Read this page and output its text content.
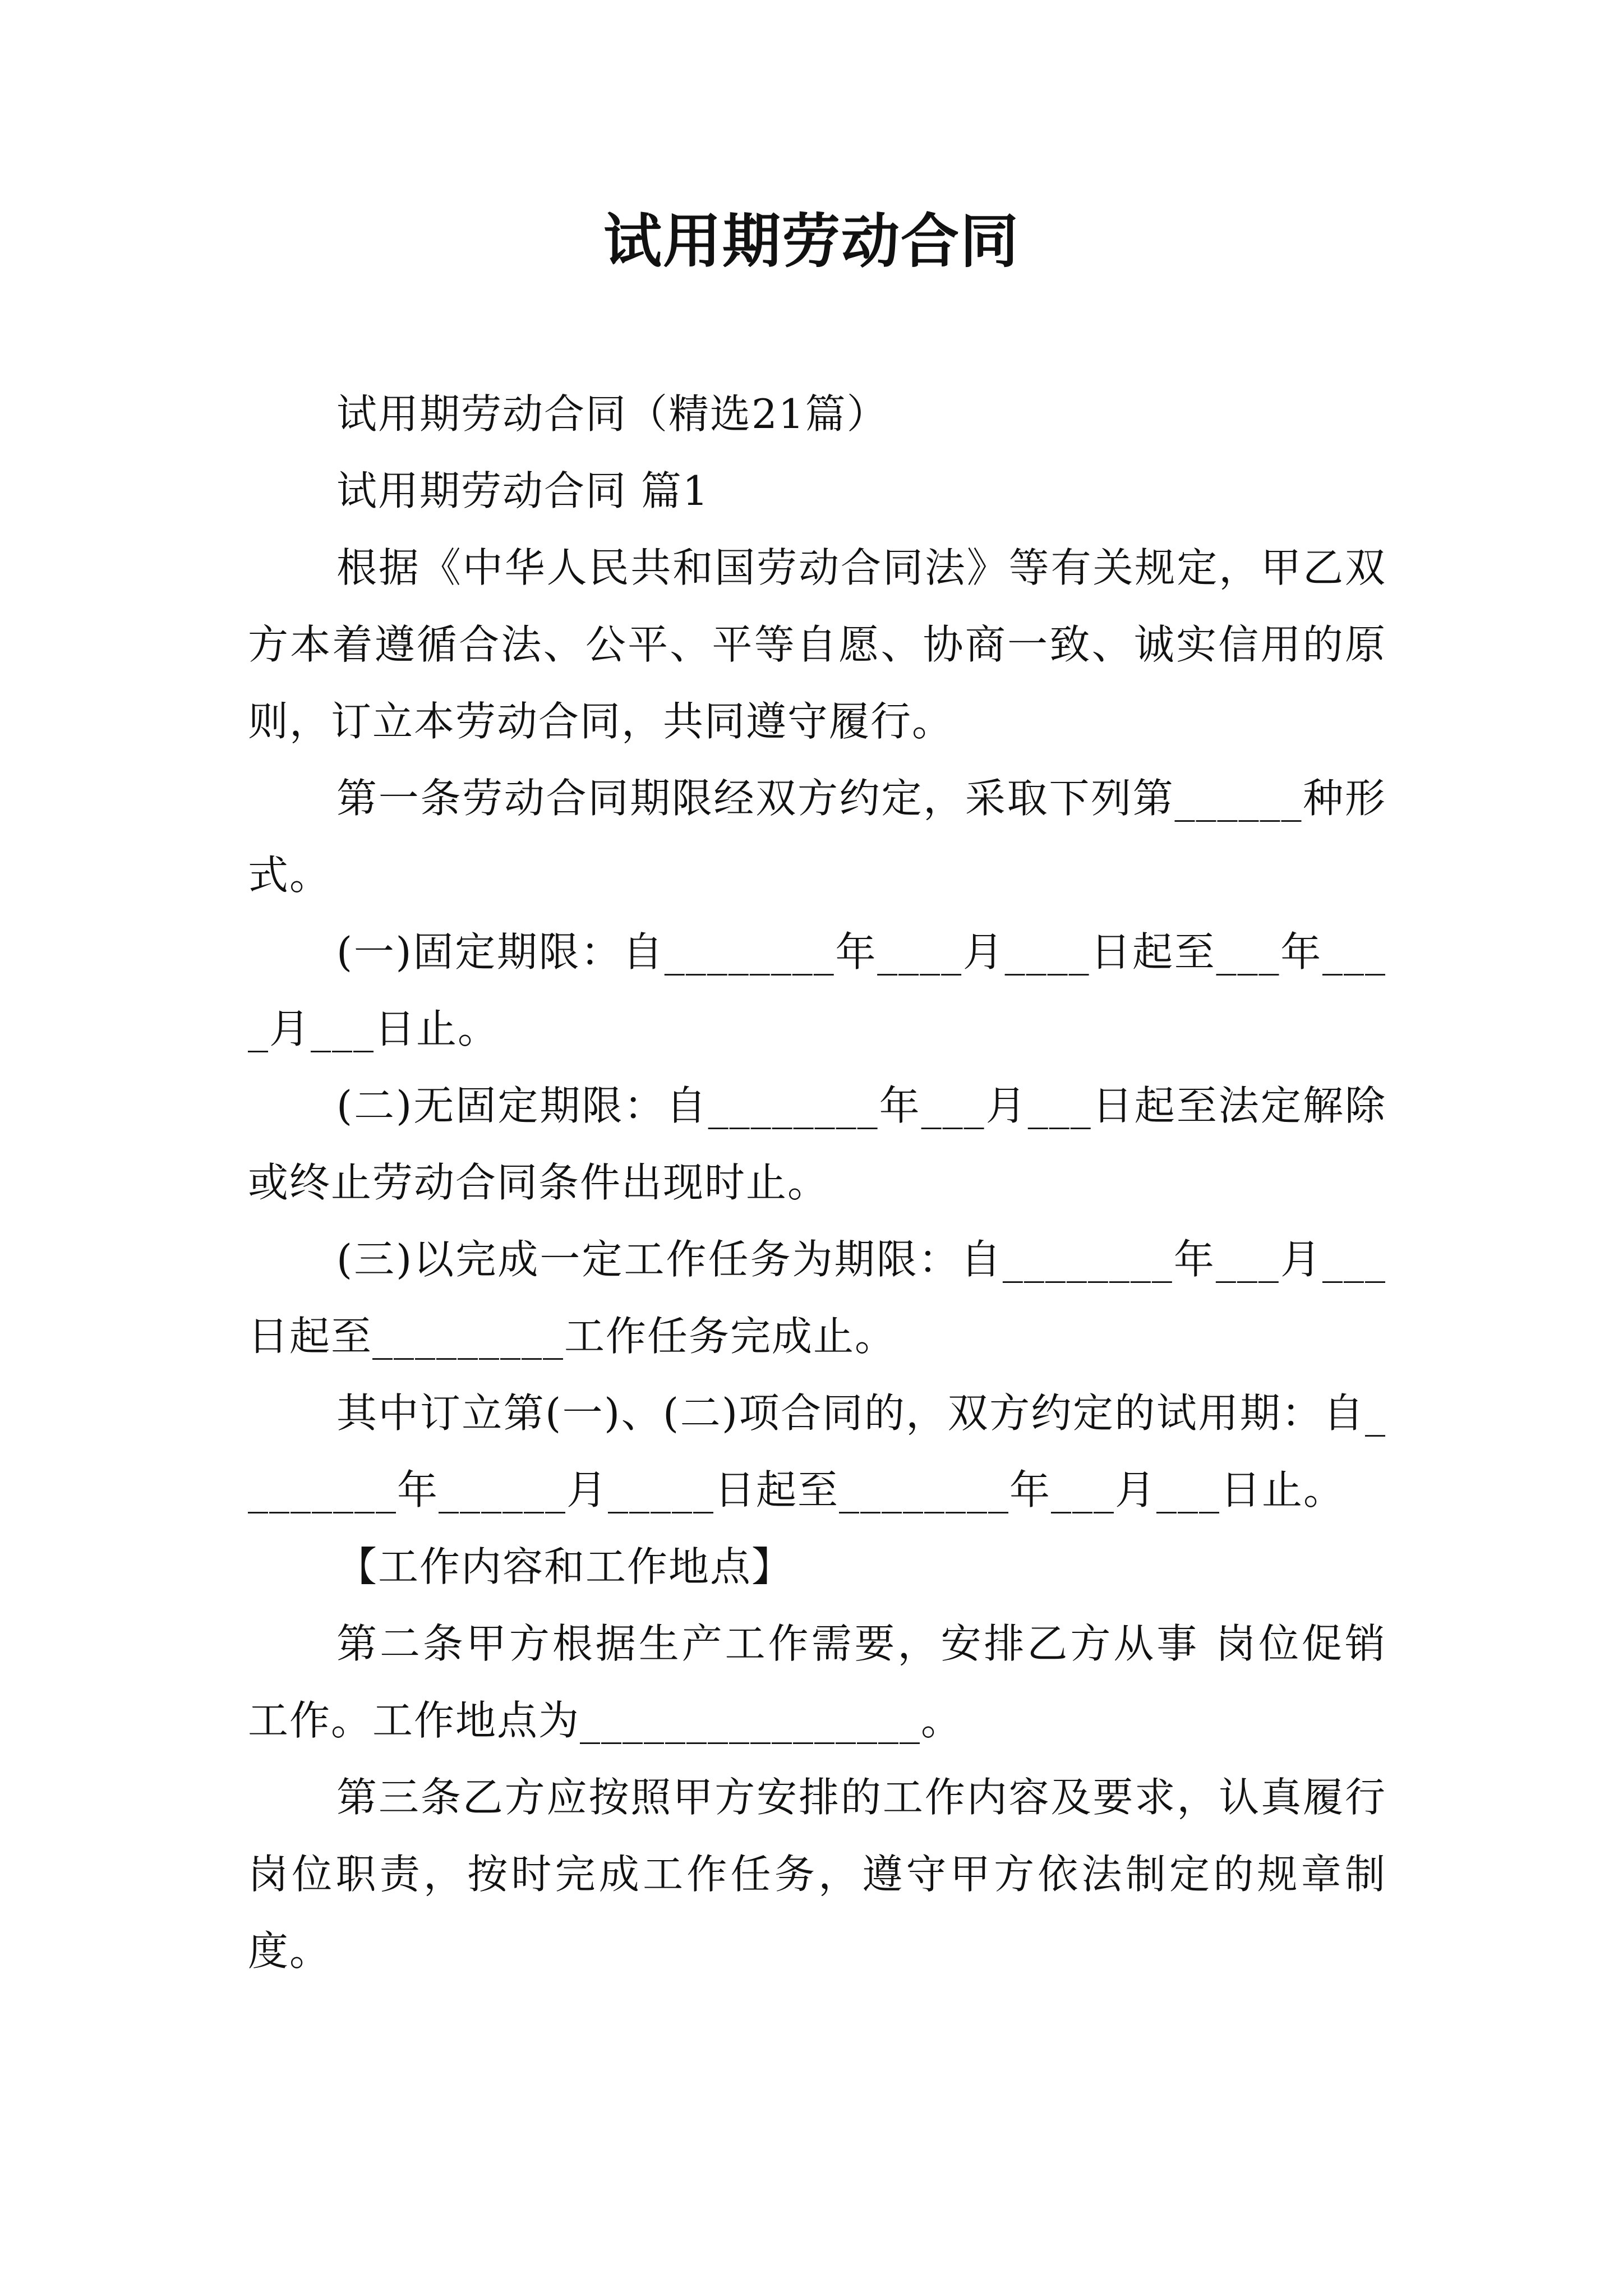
试用期劳动合同

试用期劳动合同（精选21篇）

试用期劳动合同 篇1

根据《中华人民共和国劳动合同法》等有关规定，甲乙双方本着遵循合法、公平、平等自愿、协商一致、诚实信用的原则，订立本劳动合同，共同遵守履行。

第一条劳动合同期限经双方约定，采取下列第______种形式。

(一)固定期限：自________年____月____日起至___年____月___日止。

(二)无固定期限：自________年___月___日起至法定解除或终止劳动合同条件出现时止。

(三)以完成一定工作任务为期限：自________年___月___日起至_________工作任务完成止。

其中订立第(一)、(二)项合同的，双方约定的试用期：自________年______月_____日起至________年___月___日止。

【工作内容和工作地点】

第二条甲方根据生产工作需要，安排乙方从事 岗位促销工作。工作地点为________________。

第三条乙方应按照甲方安排的工作内容及要求，认真履行岗位职责，按时完成工作任务，遵守甲方依法制定的规章制度。
